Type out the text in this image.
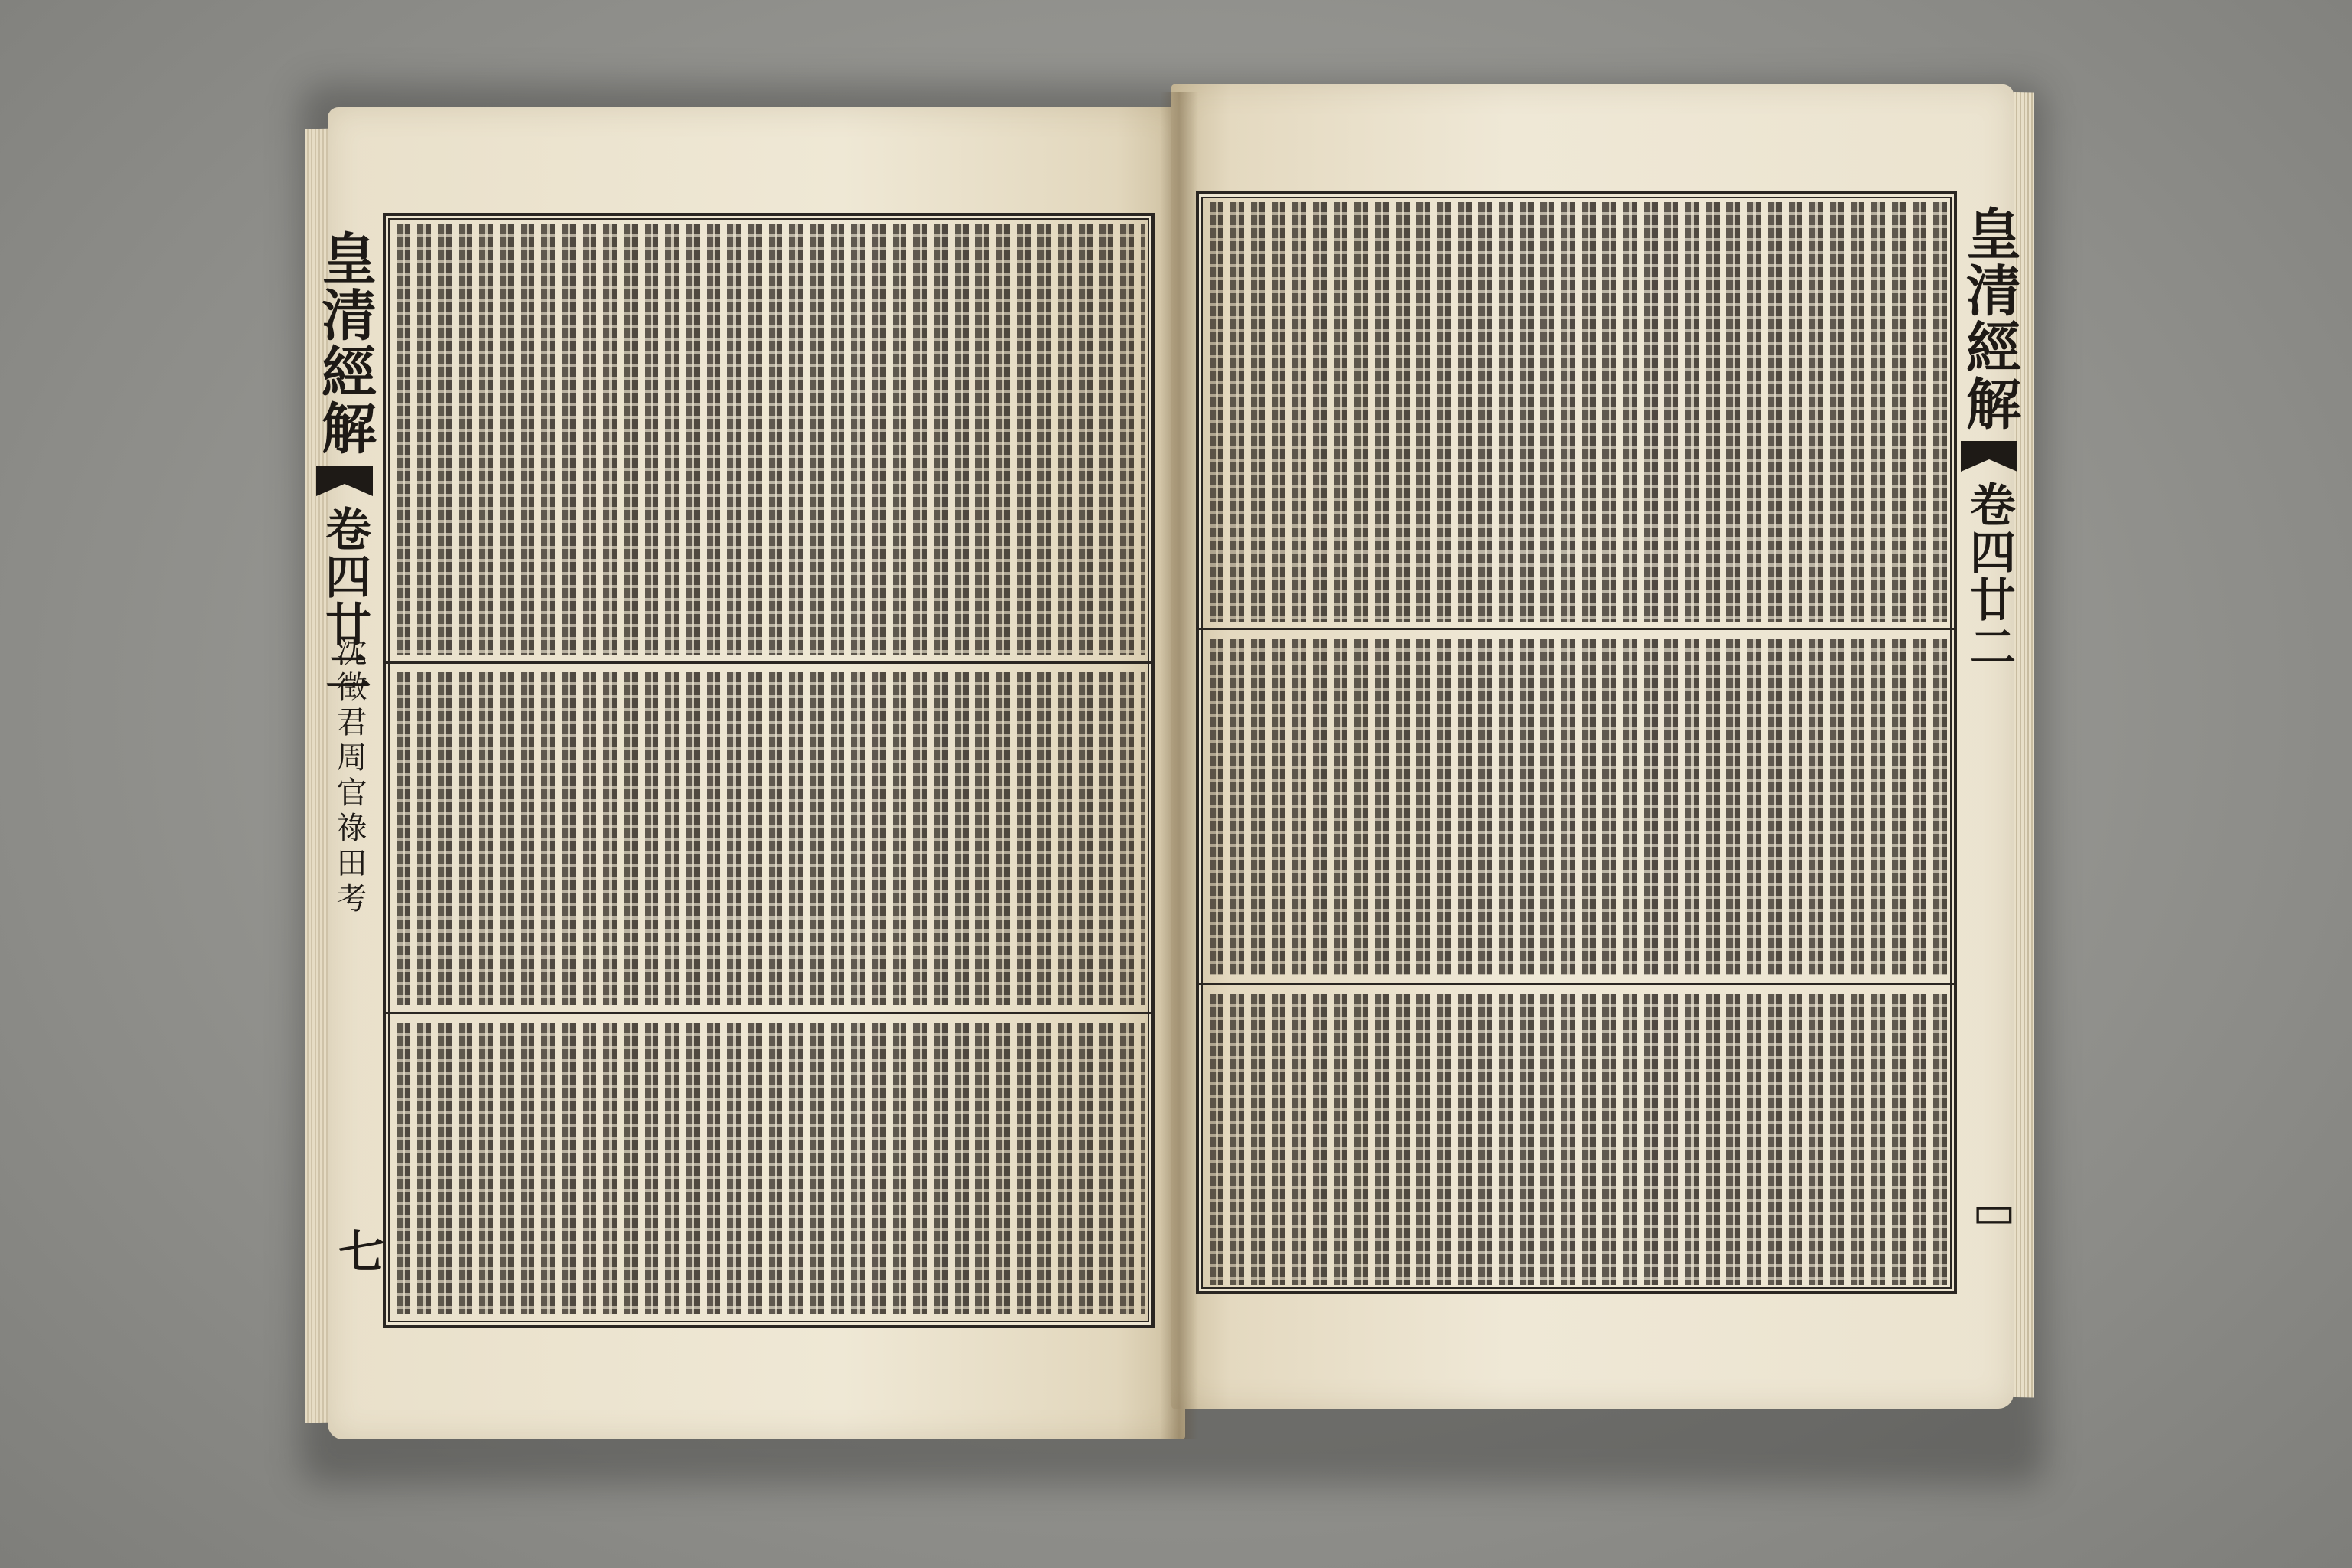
皇清經解
卷四廿二
沈徵君周官祿田考
七
皇清經解
卷四廿二
▭
